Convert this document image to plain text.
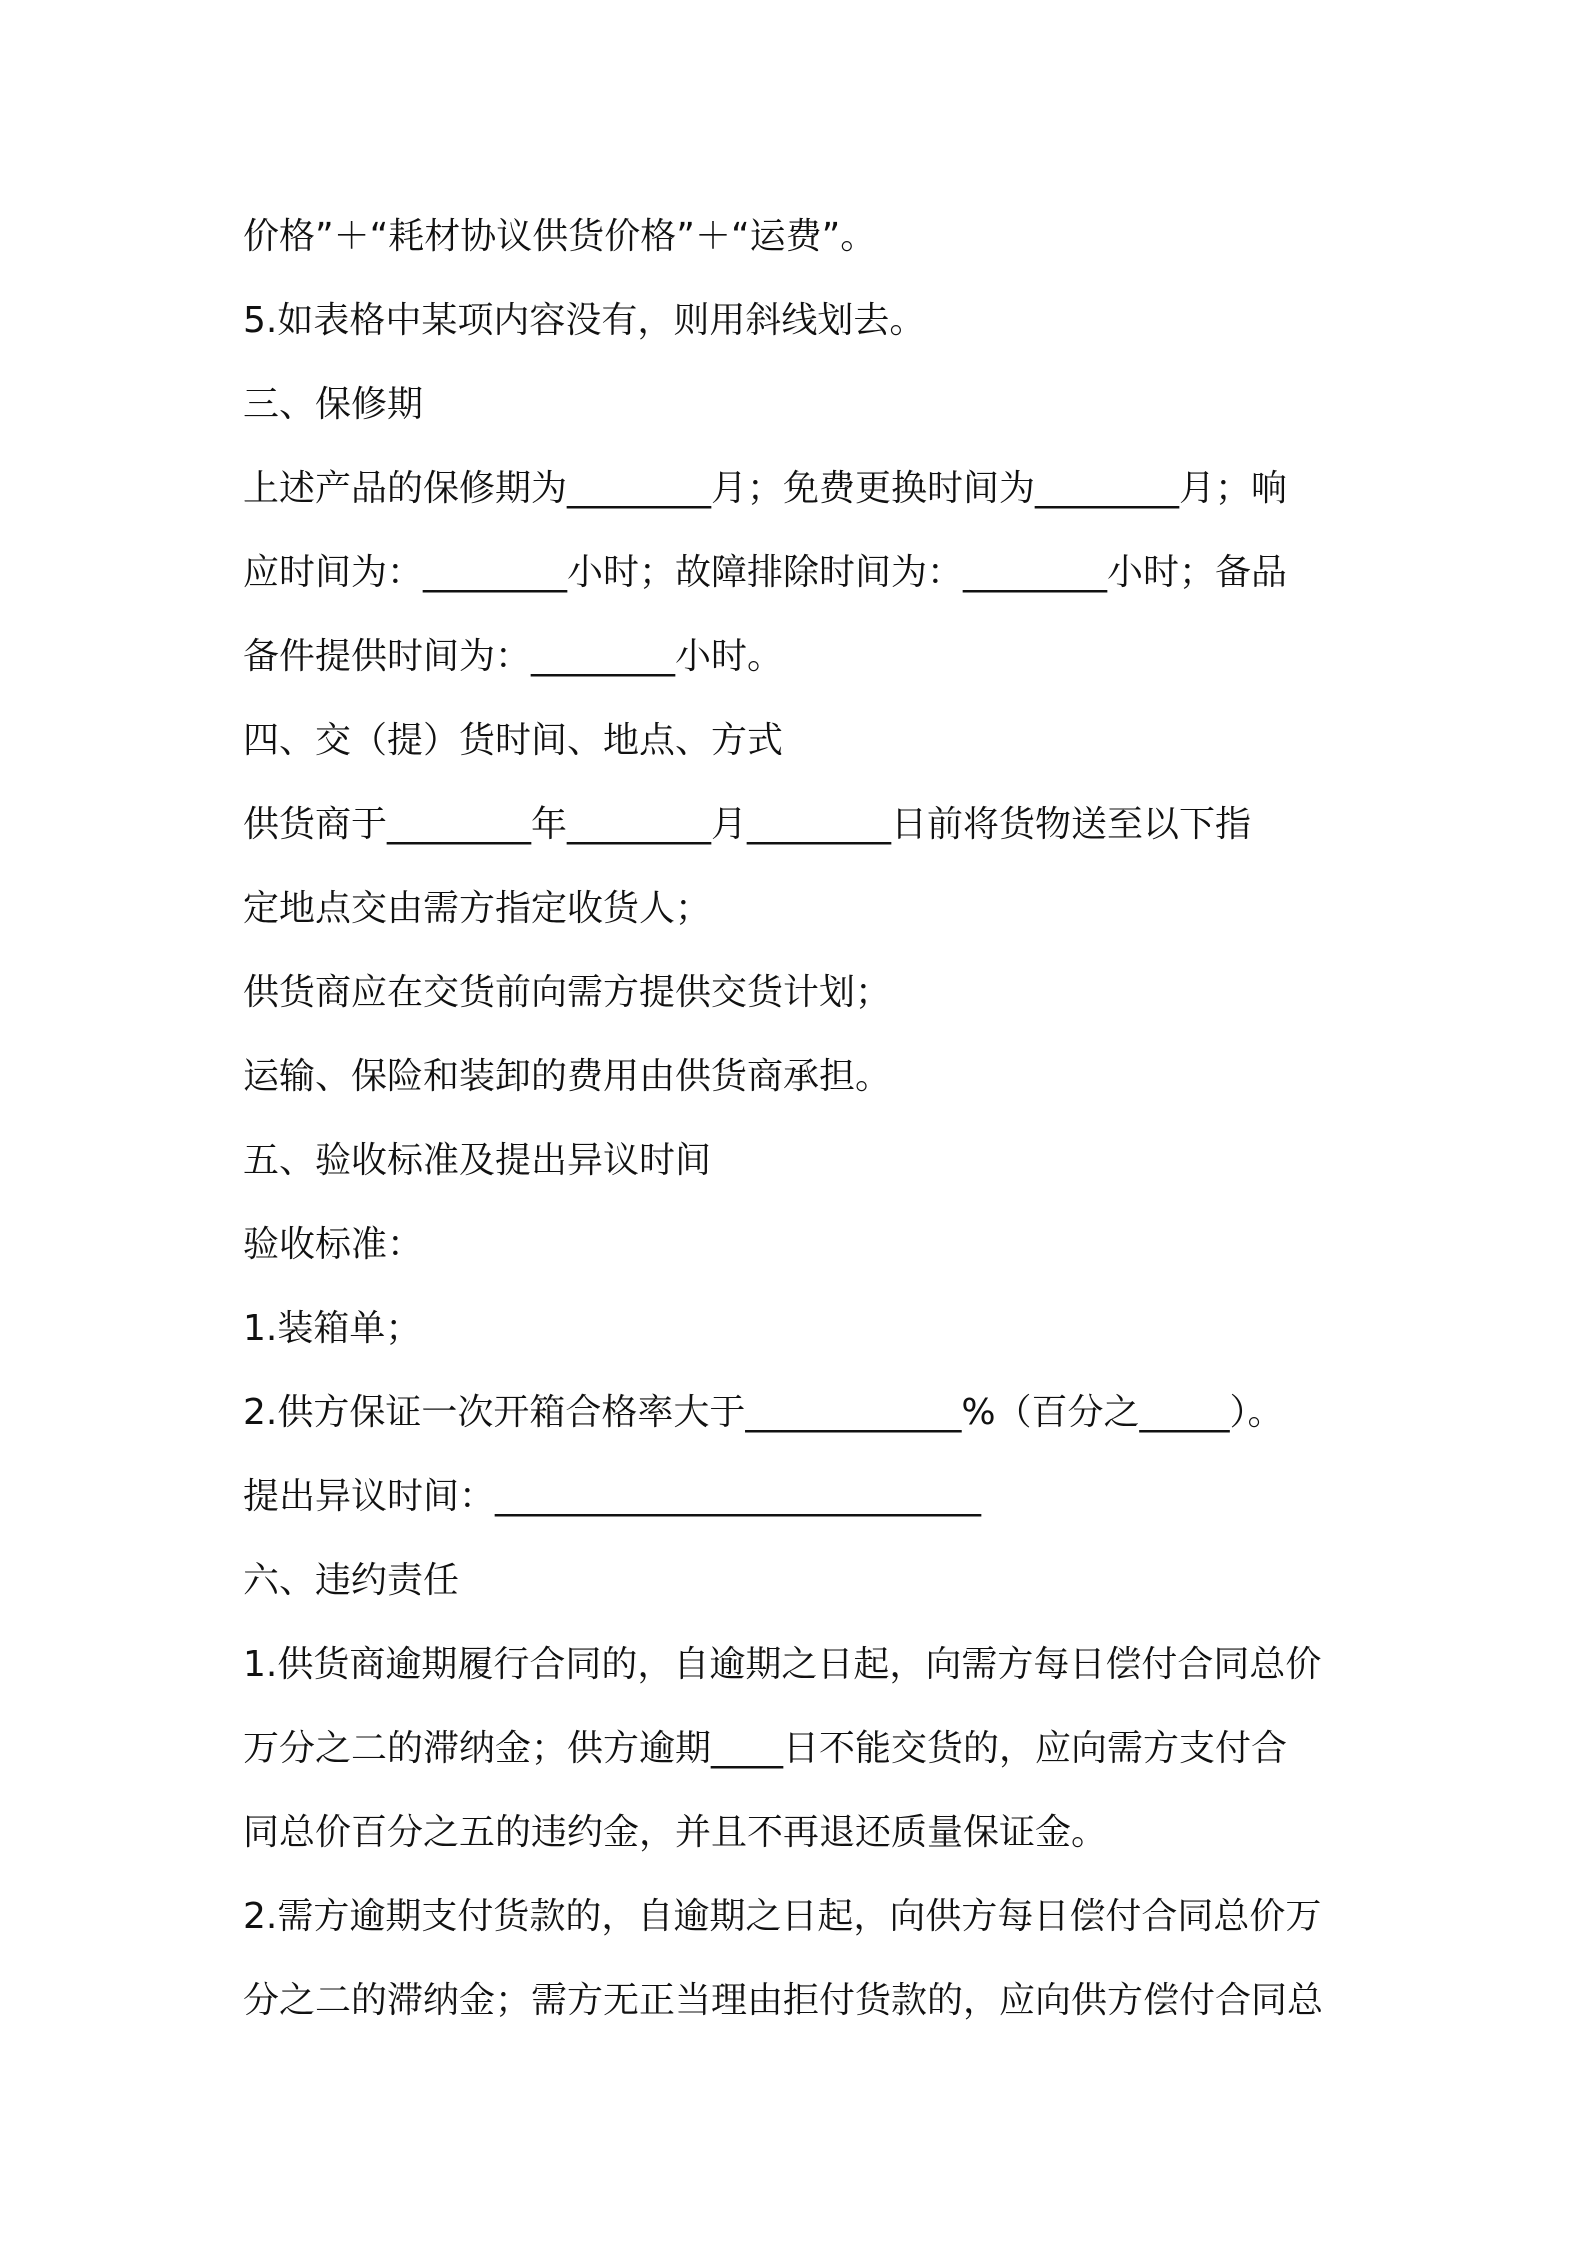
价格”＋“耗材协议供货价格”＋“运费”。
5.如表格中某项内容没有，则用斜线划去。
三、保修期
上述产品的保修期为________月；免费更换时间为________月；响
应时间为：________小时；故障排除时间为：________小时；备品
备件提供时间为：________小时。
四、交（提）货时间、地点、方式
供货商于________年________月________日前将货物送至以下指
定地点交由需方指定收货人；
供货商应在交货前向需方提供交货计划；
运输、保险和装卸的费用由供货商承担。
五、验收标准及提出异议时间
验收标准：
1.装箱单；
2.供方保证一次开箱合格率大于____________%（百分之_____）。
提出异议时间：___________________________
六、违约责任
1.供货商逾期履行合同的，自逾期之日起，向需方每日偿付合同总价
万分之二的滞纳金；供方逾期____日不能交货的，应向需方支付合
同总价百分之五的违约金，并且不再退还质量保证金。
2.需方逾期支付货款的，自逾期之日起，向供方每日偿付合同总价万
分之二的滞纳金；需方无正当理由拒付货款的，应向供方偿付合同总
